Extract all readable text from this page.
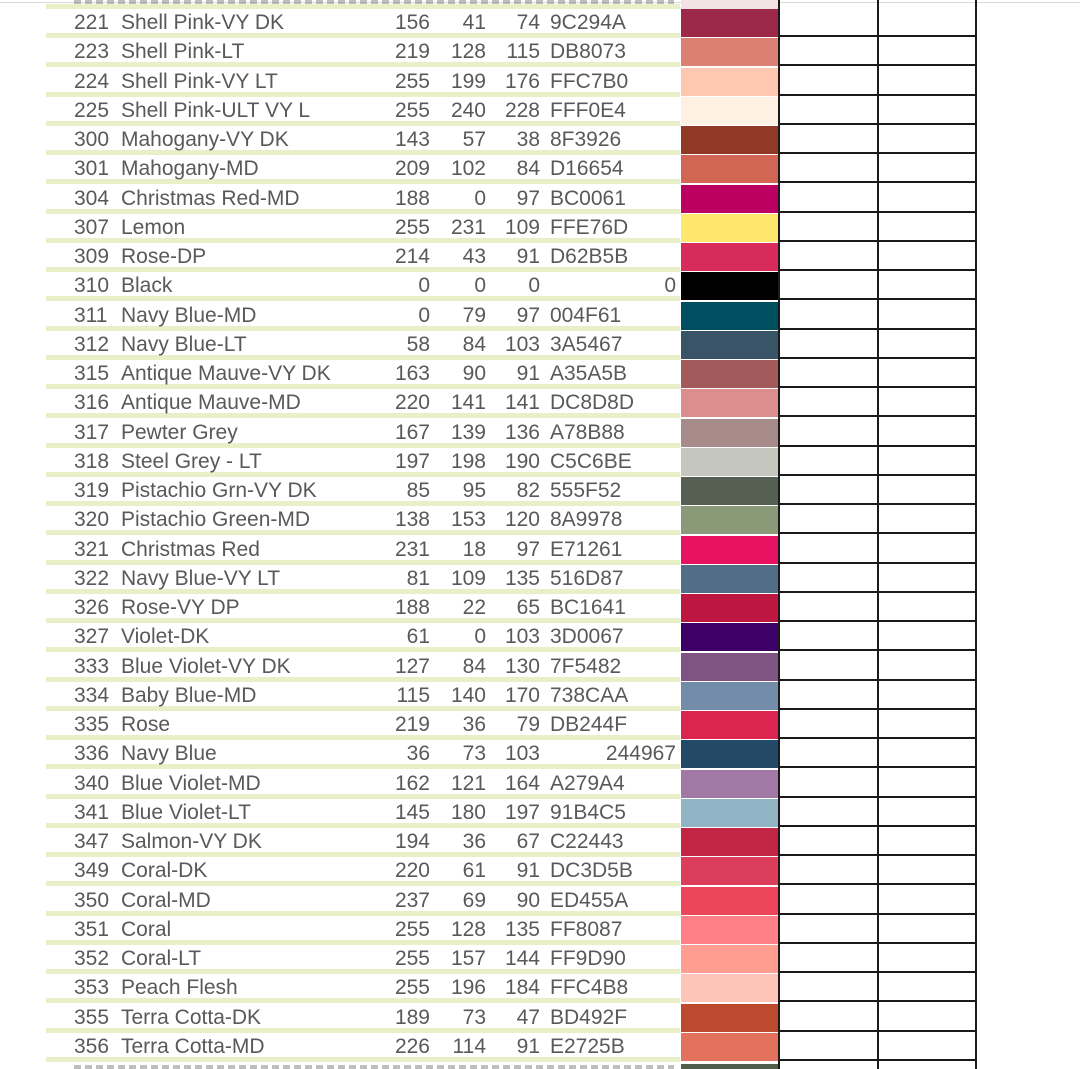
221 Shell Pink-VY DK	156	41	74 9C294A
223 Shell Pink-LT	219 128 115 DB8073
224 Shell Pink-VY LT	255 199 176 FFC7B0
225 Shell Pink-ULT VY L	255 240 228 FFF0E4
300 Mahogany-VY DK	143	57	38 8F3926
301 Mahogany-MD	209 102	84 D16654
304 Christmas Red-MD	188	0	97 BC0061
307 Lemon	255 231 109 FFE76D
309 Rose-DP	214	43	91 D62B5B
310 Black	0	0	0	0
311 Navy Blue-MD	0	79	97 004F61
312 Navy Blue-LT	58	84 103 3A5467
315 Antique Mauve-VY DK	163	90	91 A35A5B
316 Antique Mauve-MD	220 141 141 DC8D8D
317 Pewter Grey	167 139 136 A78B88
318 Steel Grey - LT	197 198 190 C5C6BE
319 Pistachio Grn-VY DK	85	95	82 555F52
320 Pistachio Green-MD	138 153 120 8A9978
321 Christmas Red	231	18	97 E71261
322 Navy Blue-VY LT	81 109 135 516D87
326 Rose-VY DP	188	22	65 BC1641
327 Violet-DK	61	0 103 3D0067
333 Blue Violet-VY DK	127	84 130 7F5482
334 Baby Blue-MD	115 140 170 738CAA
335 Rose	219	36	79 DB244F
336 Navy Blue	36	73 103	244967
340 Blue Violet-MD	162 121 164 A279A4
341 Blue Violet-LT	145 180 197 91B4C5
347 Salmon-VY DK	194	36	67 C22443
349 Coral-DK	220	61	91 DC3D5B
350 Coral-MD	237	69	90 ED455A
351 Coral	255 128 135 FF8087
352 Coral-LT	255 157 144 FF9D90
353 Peach Flesh	255 196 184 FFC4B8
355 Terra Cotta-DK	189	73	47 BD492F
356 Terra Cotta-MD	226	114	91 E2725B
